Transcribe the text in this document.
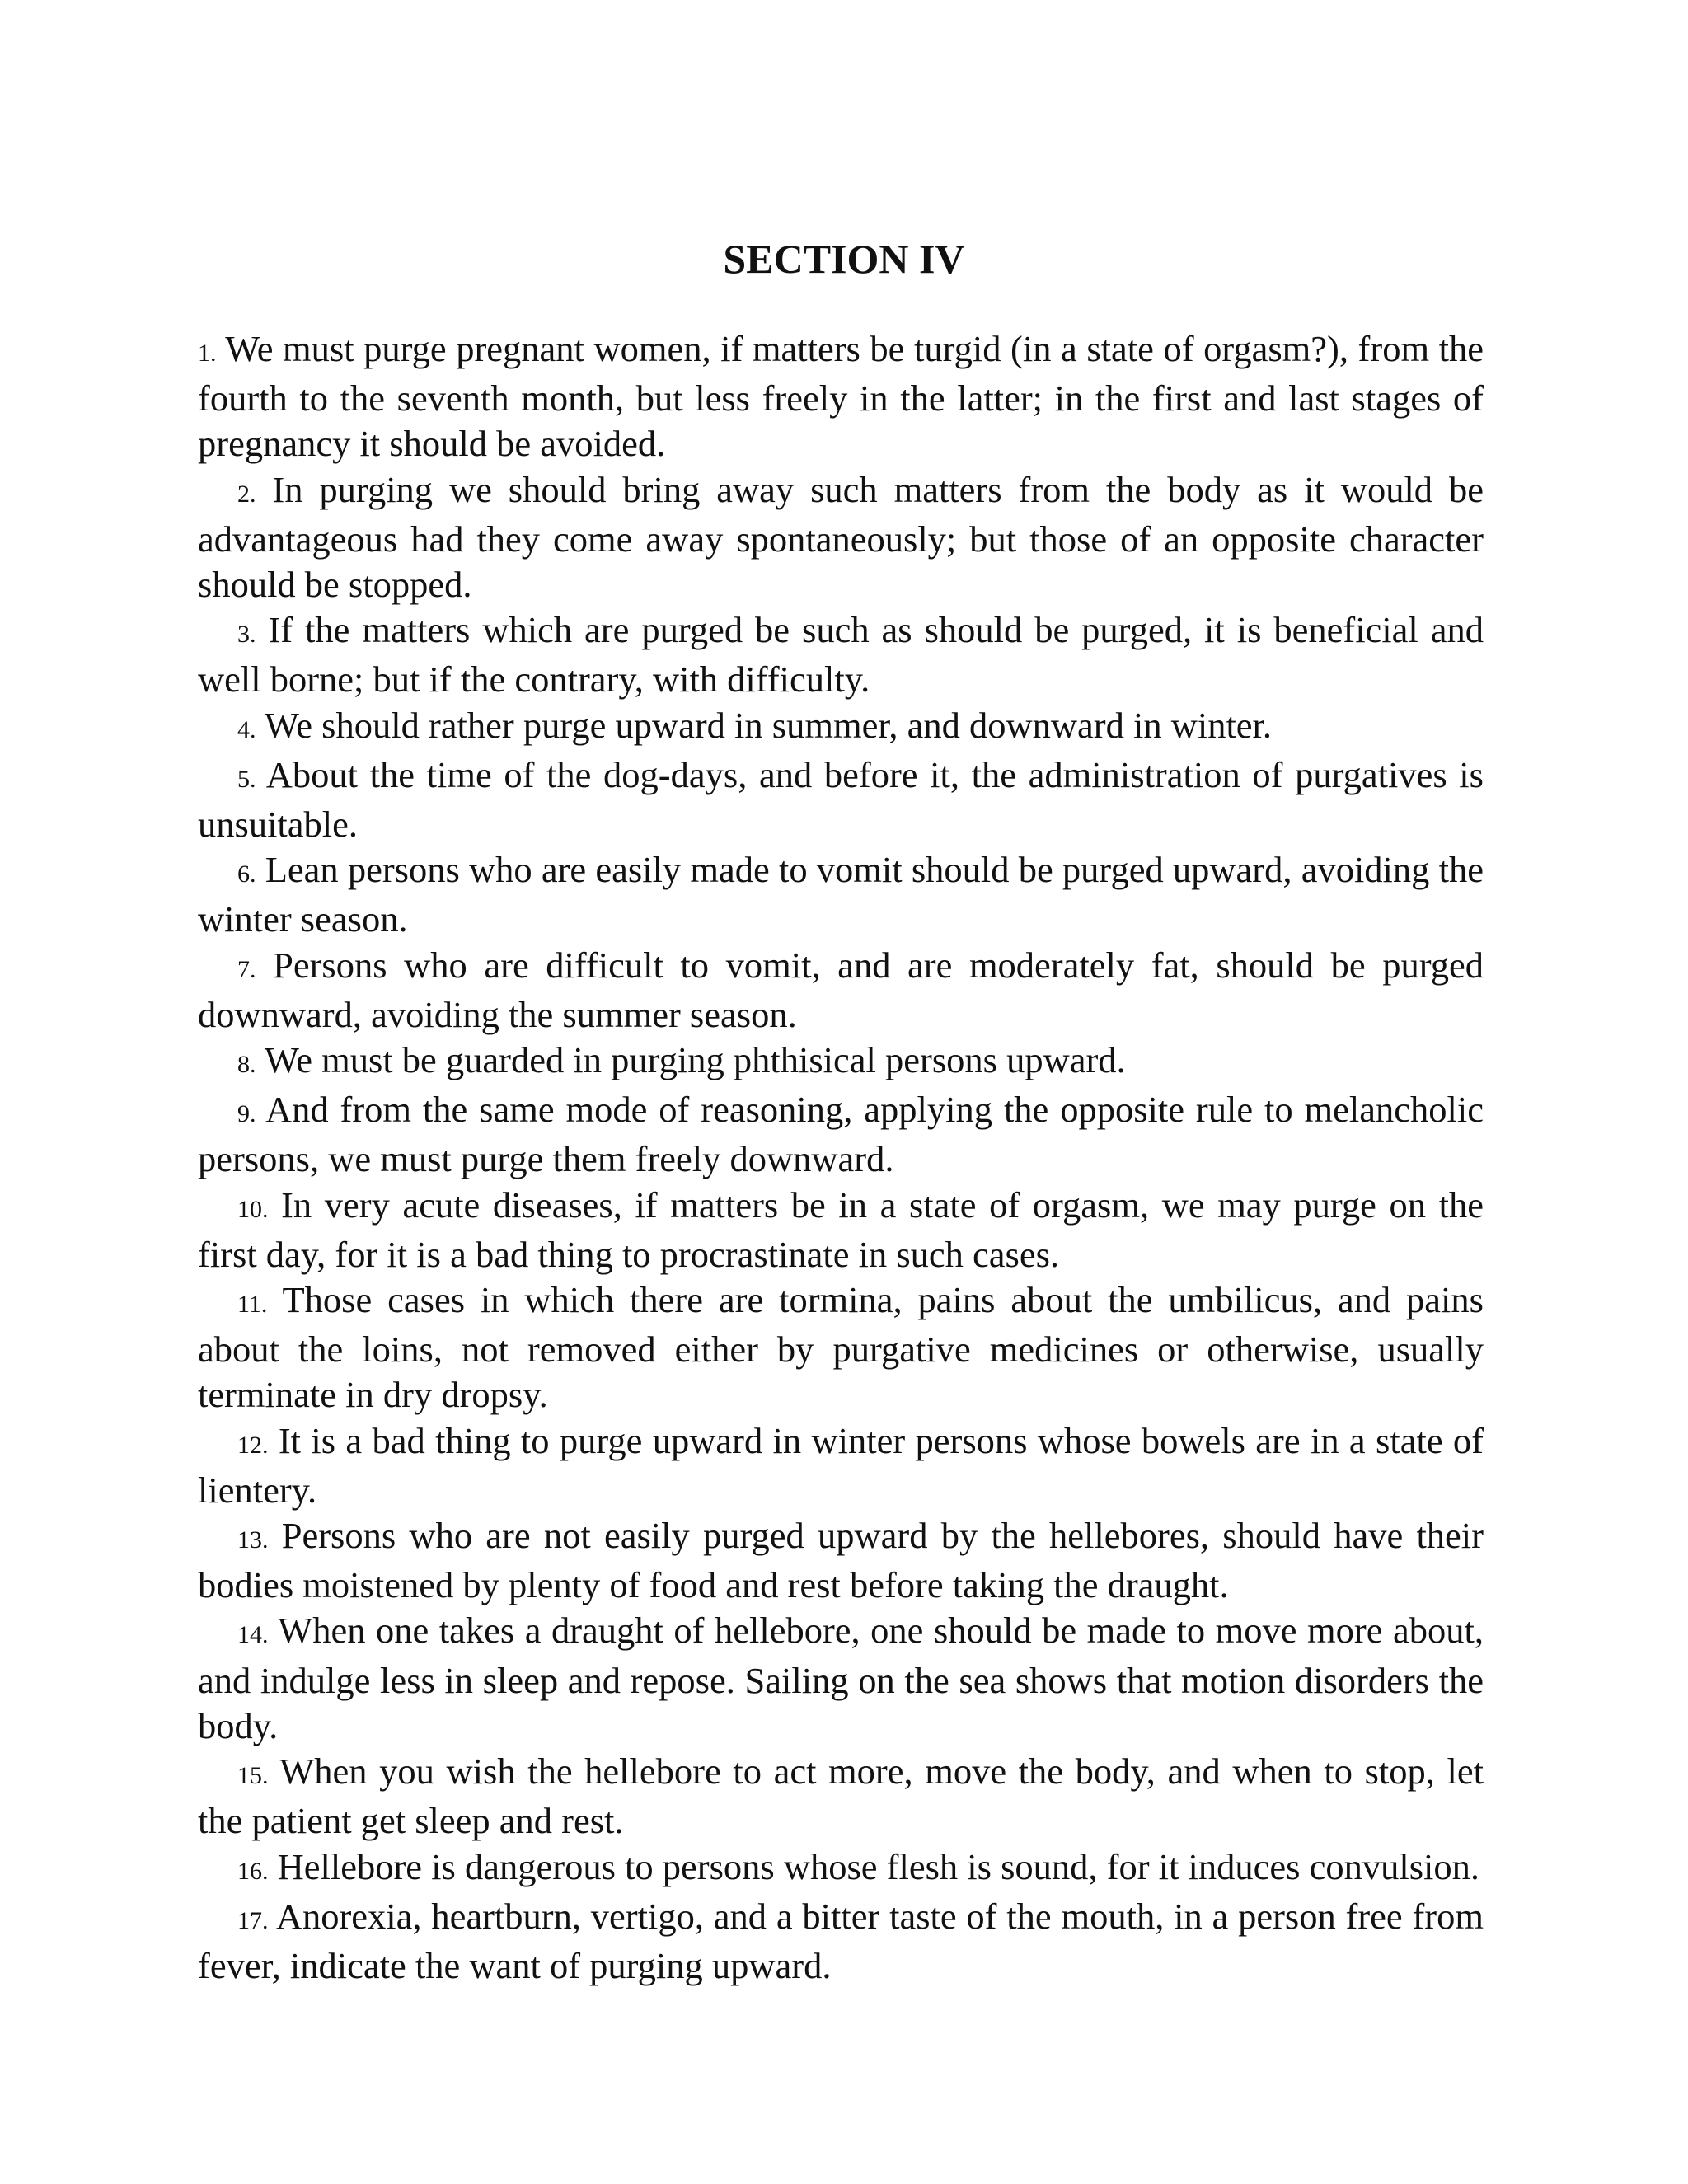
SECTION IV

1. We must purge pregnant women, if matters be turgid (in a state of orgasm?), from the fourth to the seventh month, but less freely in the latter; in the first and last stages of pregnancy it should be avoided.

2. In purging we should bring away such matters from the body as it would be advantageous had they come away spontaneously; but those of an opposite character should be stopped.

3. If the matters which are purged be such as should be purged, it is beneficial and well borne; but if the contrary, with difficulty.

4. We should rather purge upward in summer, and downward in winter.

5. About the time of the dog-days, and before it, the administration of purgatives is unsuitable.

6. Lean persons who are easily made to vomit should be purged upward, avoiding the winter season.

7. Persons who are difficult to vomit, and are moderately fat, should be purged downward, avoiding the summer season.

8. We must be guarded in purging phthisical persons upward.

9. And from the same mode of reasoning, applying the opposite rule to melancholic persons, we must purge them freely downward.

10. In very acute diseases, if matters be in a state of orgasm, we may purge on the first day, for it is a bad thing to procrastinate in such cases.

11. Those cases in which there are tormina, pains about the umbilicus, and pains about the loins, not removed either by purgative medicines or otherwise, usually terminate in dry dropsy.

12. It is a bad thing to purge upward in winter persons whose bowels are in a state of lientery.

13. Persons who are not easily purged upward by the hellebores, should have their bodies moistened by plenty of food and rest before taking the draught.

14. When one takes a draught of hellebore, one should be made to move more about, and indulge less in sleep and repose. Sailing on the sea shows that motion disorders the body.

15. When you wish the hellebore to act more, move the body, and when to stop, let the patient get sleep and rest.

16. Hellebore is dangerous to persons whose flesh is sound, for it induces convulsion.

17. Anorexia, heartburn, vertigo, and a bitter taste of the mouth, in a person free from fever, indicate the want of purging upward.
